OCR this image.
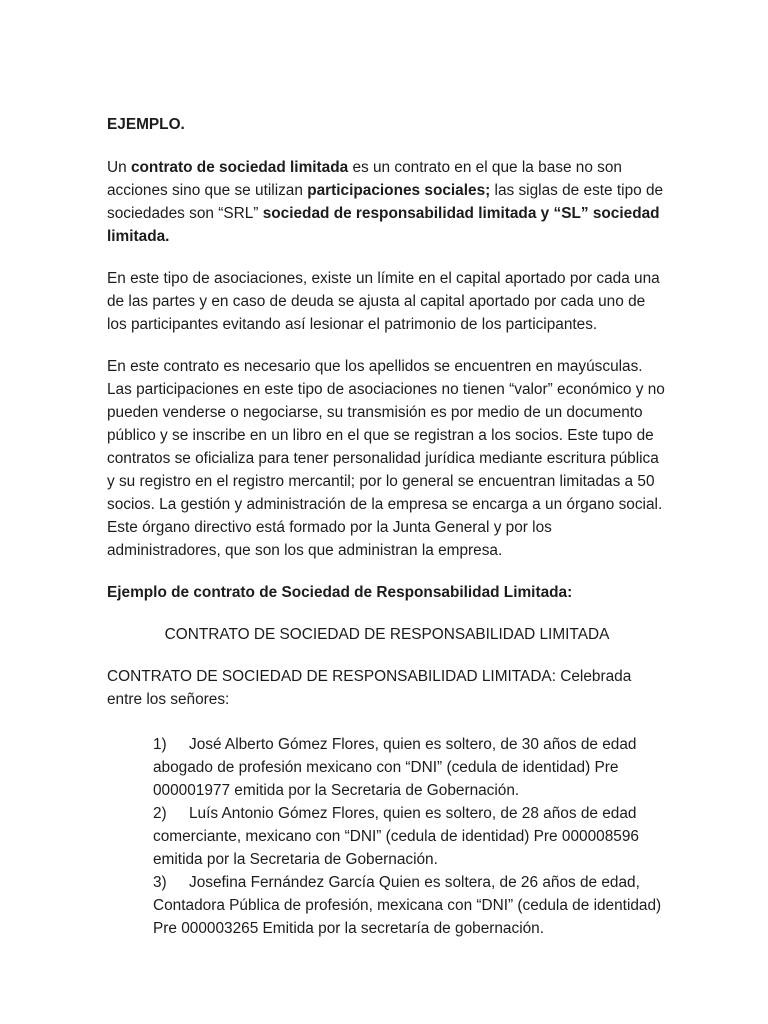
EJEMPLO.

Un contrato de sociedad limitada es un contrato en el que la base no son acciones sino que se utilizan participaciones sociales; las siglas de este tipo de sociedades son “SRL” sociedad de responsabilidad limitada y “SL” sociedad limitada.

En este tipo de asociaciones, existe un límite en el capital aportado por cada una de las partes y en caso de deuda se ajusta al capital aportado por cada uno de los participantes evitando así lesionar el patrimonio de los participantes.

En este contrato es necesario que los apellidos se encuentren en mayúsculas. Las participaciones en este tipo de asociaciones no tienen “valor” económico y no pueden venderse o negociarse, su transmisión es por medio de un documento público y se inscribe en un libro en el que se registran a los socios. Este tupo de contratos se oficializa para tener personalidad jurídica mediante escritura pública y su registro en el registro mercantil; por lo general se encuentran limitadas a 50 socios. La gestión y administración de la empresa se encarga a un órgano social. Este órgano directivo está formado por la Junta General y por los administradores, que son los que administran la empresa.

Ejemplo de contrato de Sociedad de Responsabilidad Limitada:

CONTRATO DE SOCIEDAD DE RESPONSABILIDAD LIMITADA

CONTRATO DE SOCIEDAD DE RESPONSABILIDAD LIMITADA: Celebrada entre los señores:

1) José Alberto Gómez Flores, quien es soltero, de 30 años de edad abogado de profesión mexicano con “DNI” (cedula de identidad) Pre 000001977 emitida por la Secretaria de Gobernación.
2) Luís Antonio Gómez Flores, quien es soltero, de 28 años de edad comerciante, mexicano con “DNI” (cedula de identidad) Pre 000008596 emitida por la Secretaria de Gobernación.
3) Josefina Fernández García Quien es soltera, de 26 años de edad, Contadora Pública de profesión, mexicana con “DNI” (cedula de identidad) Pre 000003265 Emitida por la secretaría de gobernación.
